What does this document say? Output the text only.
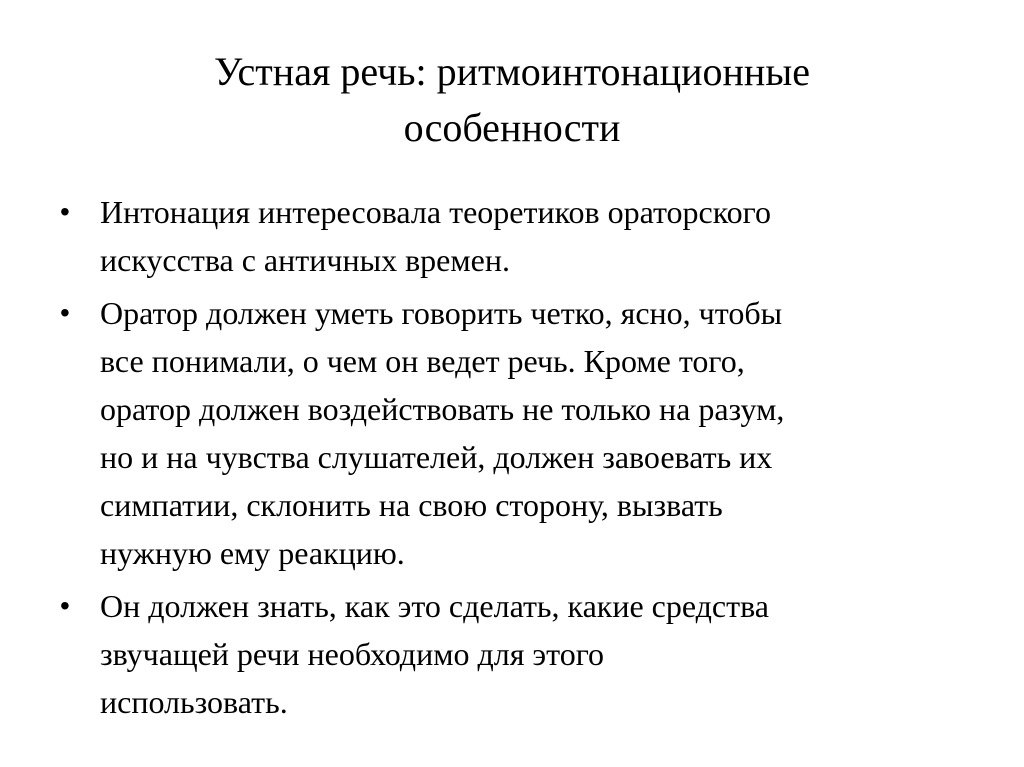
Устная речь: ритмоинтонационные
особенности
• Интонация интересовала теоретиков ораторского
искусства с античных времен.
• Оратор должен уметь говорить четко, ясно, чтобы
все понимали, о чем он ведет речь. Кроме того,
оратор должен воздействовать не только на разум,
но и на чувства слушателей, должен завоевать их
симпатии, склонить на свою сторону, вызвать
нужную ему реакцию.
• Он должен знать, как это сделать, какие средства
звучащей речи необходимо для этого
использовать.
